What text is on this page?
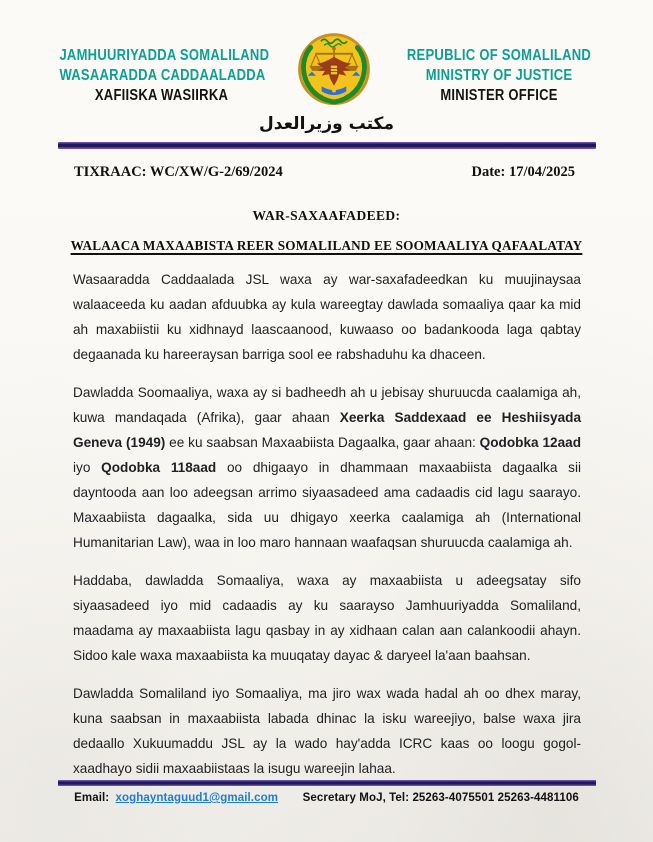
JAMHUURIYADDA SOMALILAND
WASAARADDA CADDAALADDA
XAFIISKA WASIIRKA
REPUBLIC OF SOMALILAND
MINISTRY OF JUSTICE
MINISTER OFFICE
مكتب وزيرالعدل
TIXRAAC: WC/XW/G-2/69/2024	Date: 17/04/2025
WAR-SAXAAFADEED:
WALAACA MAXAABISTA REER SOMALILAND EE SOOMAALIYA QAFAALATAY

Wasaaradda Caddaalada JSL waxa ay war-saxafadeedkan ku muujinaysaa walaaceeda ku aadan afduubka ay kula wareegtay dawlada somaaliya qaar ka mid ah maxabiistii ku xidhnayd laascaanood, kuwaaso oo badankooda laga qabtay degaanada ku hareeraysan barriga sool ee rabshaduhu ka dhaceen.

Dawladda Soomaaliya, waxa ay si badheedh ah u jebisay shuruucda caalamiga ah, kuwa mandaqada (Afrika), gaar ahaan Xeerka Saddexaad ee Heshiisyada Geneva (1949) ee ku saabsan Maxaabiista Dagaalka, gaar ahaan: Qodobka 12aad iyo Qodobka 118aad oo dhigaayo in dhammaan maxaabiista dagaalka sii dayntooda aan loo adeegsan arrimo siyaasadeed ama cadaadis cid lagu saarayo. Maxaabiista dagaalka, sida uu dhigayo xeerka caalamiga ah (International Humanitarian Law), waa in loo maro hannaan waafaqsan shuruucda caalamiga ah.

Haddaba, dawladda Somaaliya, waxa ay maxaabiista u adeegsatay sifo siyaasadeed iyo mid cadaadis ay ku saarayso Jamhuuriyadda Somaliland, maadama ay maxaabiista lagu qasbay in ay xidhaan calan aan calankoodii ahayn. Sidoo kale waxa maxaabiista ka muuqatay dayac & daryeel la'aan baahsan.

Dawladda Somaliland iyo Somaaliya, ma jiro wax wada hadal ah oo dhex maray, kuna saabsan in maxaabiista labada dhinac la isku wareejiyo, balse waxa jira dedaallo Xukuumaddu JSL ay la wado hay'adda ICRC kaas oo loogu gogol-xaadhayo sidii maxaabiistaas la isugu wareejin lahaa.

Email: xoghayntaguud1@gmail.com Secretary MoJ, Tel: 25263-4075501 25263-4481106
